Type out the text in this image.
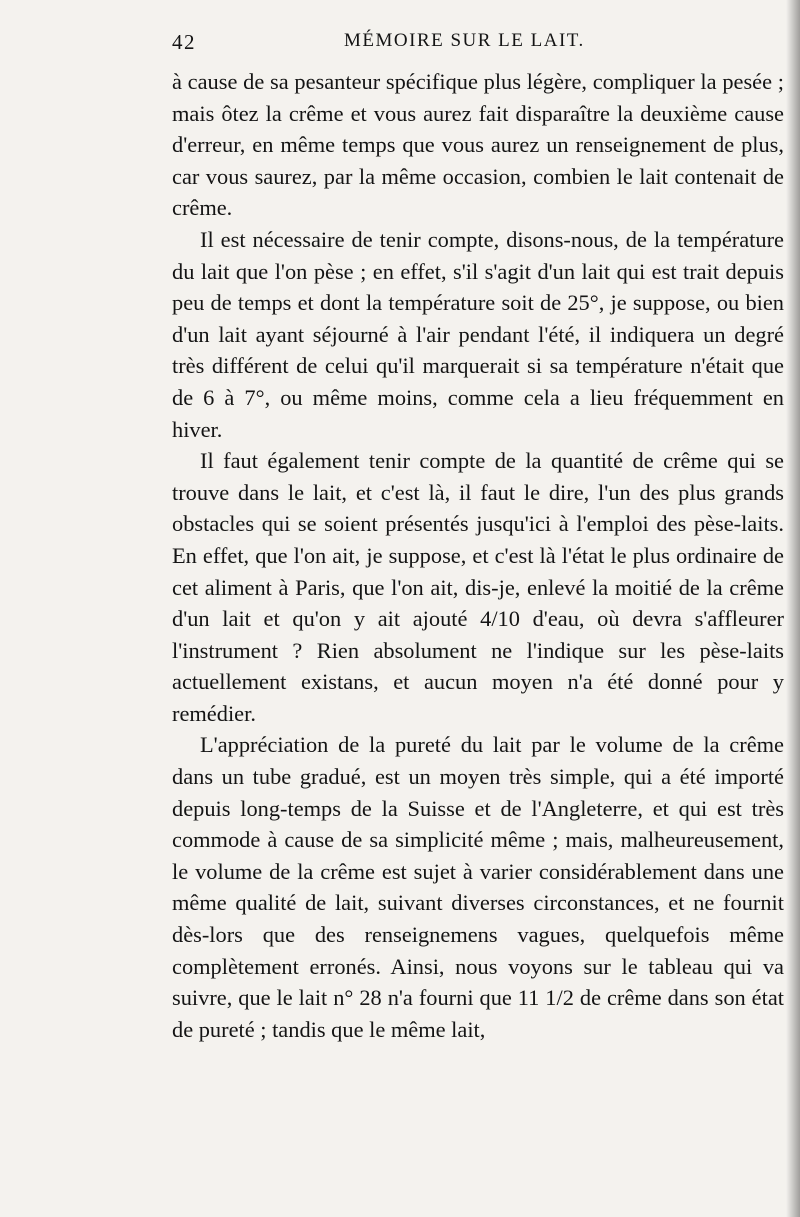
42	MÉMOIRE SUR LE LAIT.

à cause de sa pesanteur spécifique plus légère, compliquer la pesée ; mais ôtez la crême et vous aurez fait disparaître la deuxième cause d'erreur, en même temps que vous aurez un renseignement de plus, car vous saurez, par la même occasion, combien le lait contenait de crême.

Il est nécessaire de tenir compte, disons-nous, de la température du lait que l'on pèse ; en effet, s'il s'agit d'un lait qui est trait depuis peu de temps et dont la température soit de 25°, je suppose, ou bien d'un lait ayant séjourné à l'air pendant l'été, il indiquera un degré très différent de celui qu'il marquerait si sa température n'était que de 6 à 7°, ou même moins, comme cela a lieu fréquemment en hiver.

Il faut également tenir compte de la quantité de crême qui se trouve dans le lait, et c'est là, il faut le dire, l'un des plus grands obstacles qui se soient présentés jusqu'ici à l'emploi des pèse-laits. En effet, que l'on ait, je suppose, et c'est là l'état le plus ordinaire de cet aliment à Paris, que l'on ait, dis-je, enlevé la moitié de la crême d'un lait et qu'on y ait ajouté 4/10 d'eau, où devra s'affleurer l'instrument ? Rien absolument ne l'indique sur les pèse-laits actuellement existans, et aucun moyen n'a été donné pour y remédier.

L'appréciation de la pureté du lait par le volume de la crême dans un tube gradué, est un moyen très simple, qui a été importé depuis long-temps de la Suisse et de l'Angleterre, et qui est très commode à cause de sa simplicité même ; mais, malheureusement, le volume de la crême est sujet à varier considérablement dans une même qualité de lait, suivant diverses circonstances, et ne fournit dès-lors que des renseignemens vagues, quelquefois même complètement erronés. Ainsi, nous voyons sur le tableau qui va suivre, que le lait n° 28 n'a fourni que 11 1/2 de crême dans son état de pureté ; tandis que le même lait,
